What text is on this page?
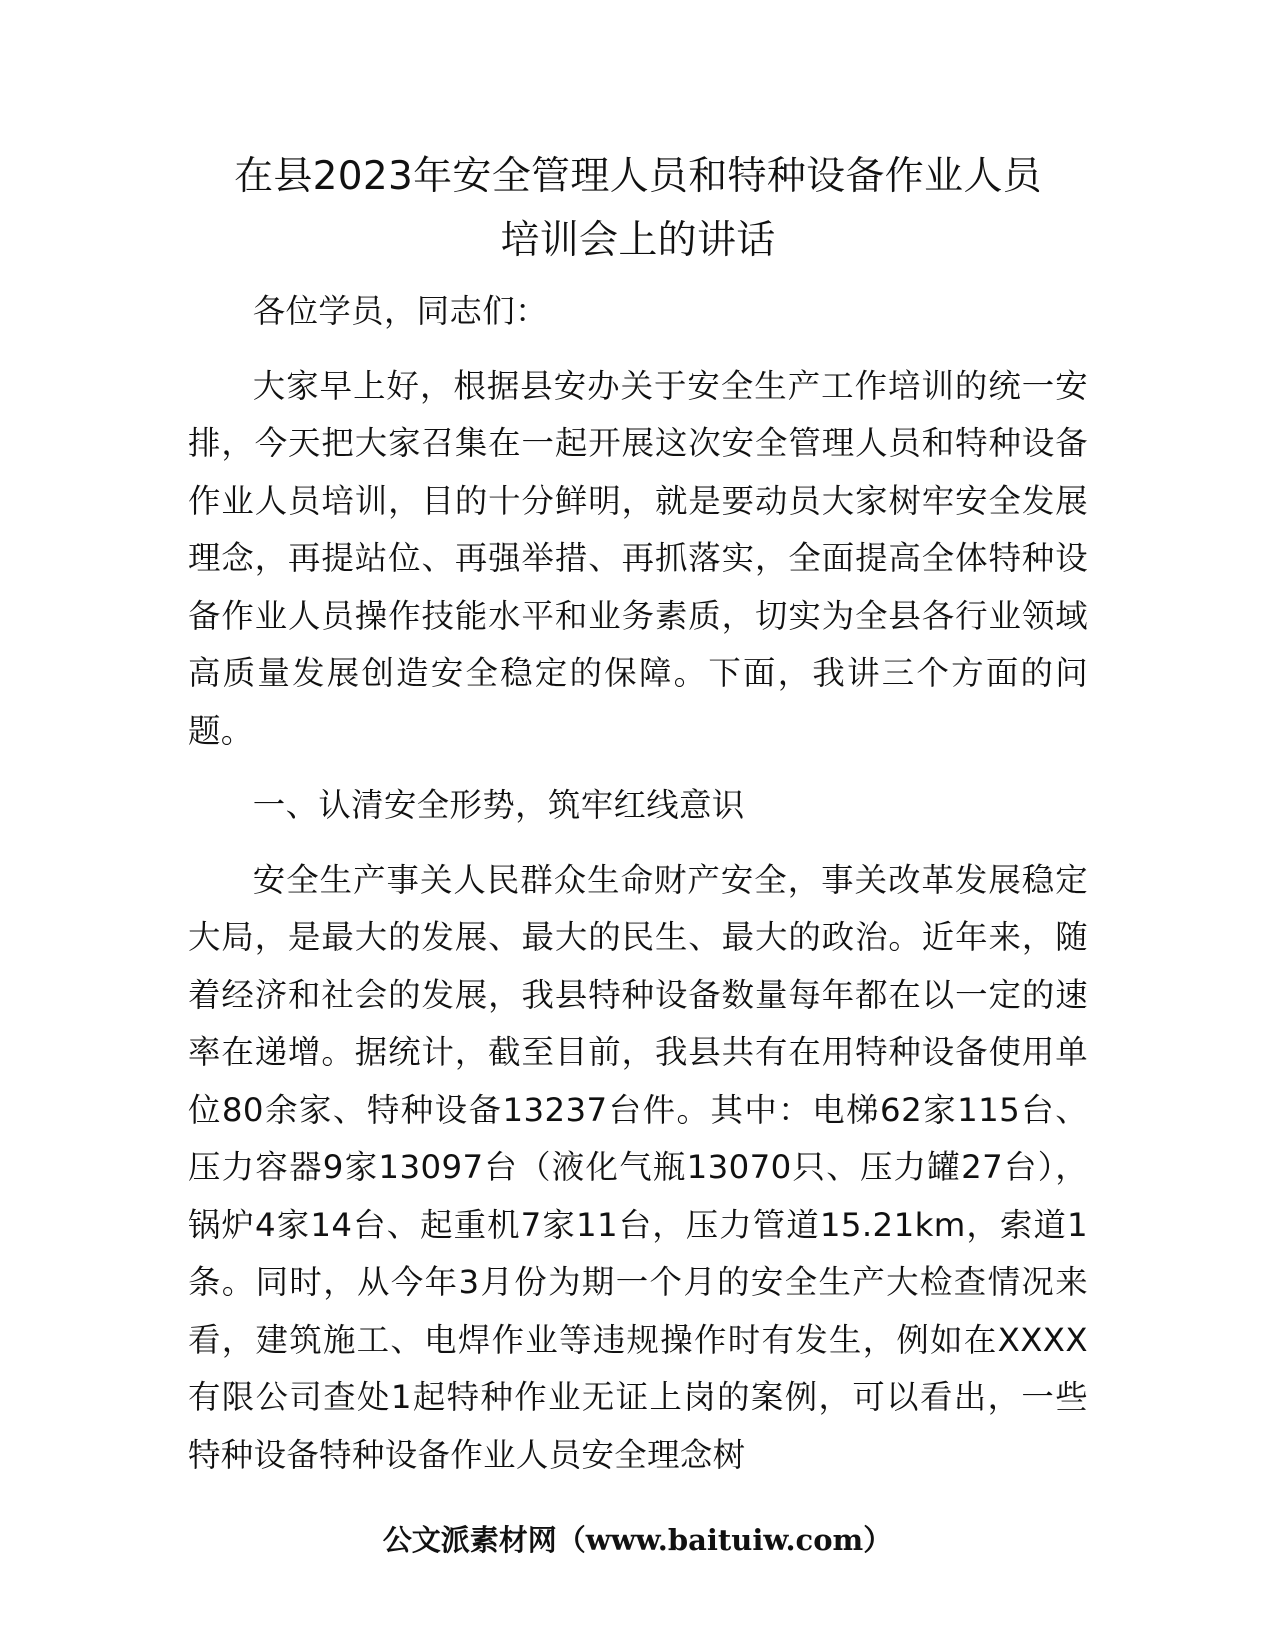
在县2023年安全管理人员和特种设备作业人员
培训会上的讲话

各位学员，同志们：

大家早上好，根据县安办关于安全生产工作培训的统一安排，今天把大家召集在一起开展这次安全管理人员和特种设备作业人员培训，目的十分鲜明，就是要动员大家树牢安全发展理念，再提站位、再强举措、再抓落实，全面提高全体特种设备作业人员操作技能水平和业务素质，切实为全县各行业领域高质量发展创造安全稳定的保障。下面，我讲三个方面的问题。

一、认清安全形势，筑牢红线意识

安全生产事关人民群众生命财产安全，事关改革发展稳定大局，是最大的发展、最大的民生、最大的政治。近年来，随着经济和社会的发展，我县特种设备数量每年都在以一定的速率在递增。据统计，截至目前，我县共有在用特种设备使用单位80余家、特种设备13237台件。其中：电梯62家115台、压力容器9家13097台（液化气瓶13070只、压力罐27台），锅炉4家14台、起重机7家11台，压力管道15.21km，索道1条。同时，从今年3月份为期一个月的安全生产大检查情况来看，建筑施工、电焊作业等违规操作时有发生，例如在XXXX有限公司查处1起特种作业无证上岗的案例，可以看出，一些特种设备特种设备作业人员安全理念树

公文派素材网（www.baituiw.com）
